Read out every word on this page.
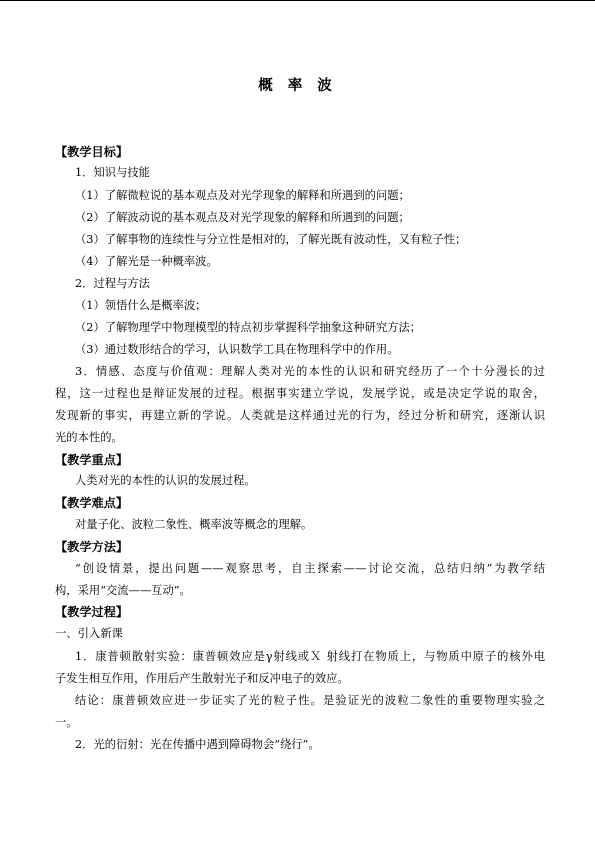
概 率 波
【教学目标】
1．知识与技能
（1）了解微粒说的基本观点及对光学现象的解释和所遇到的问题；
（2）了解波动说的基本观点及对光学现象的解释和所遇到的问题；
（3）了解事物的连续性与分立性是相对的，了解光既有波动性，又有粒子性；
（4）了解光是一种概率波。
2．过程与方法
（1）领悟什么是概率波；
（2）了解物理学中物理模型的特点初步掌握科学抽象这种研究方法；
（3）通过数形结合的学习，认识数学工具在物理科学中的作用。
3．情感、态度与价值观：理解人类对光的本性的认识和研究经历了一个十分漫长的过
程，这一过程也是辩证发展的过程。根据事实建立学说，发展学说，或是决定学说的取舍，
发现新的事实，再建立新的学说。人类就是这样通过光的行为，经过分析和研究，逐渐认识
光的本性的。
【教学重点】
人类对光的本性的认识的发展过程。
【教学难点】
对量子化、波粒二象性、概率波等概念的理解。
【教学方法】
“创设情景，提出问题——观察思考，自主探索——讨论交流，总结归纳”为教学结
构，采用“交流——互动”。
【教学过程】
一、引入新课
1．康普顿散射实验：康普顿效应是γ射线或Ｘ 射线打在物质上，与物质中原子的核外电
子发生相互作用，作用后产生散射光子和反冲电子的效应。
结论：康普顿效应进一步证实了光的粒子性。是验证光的波粒二象性的重要物理实验之
一。
2．光的衍射：光在传播中遇到障碍物会“绕行”。
